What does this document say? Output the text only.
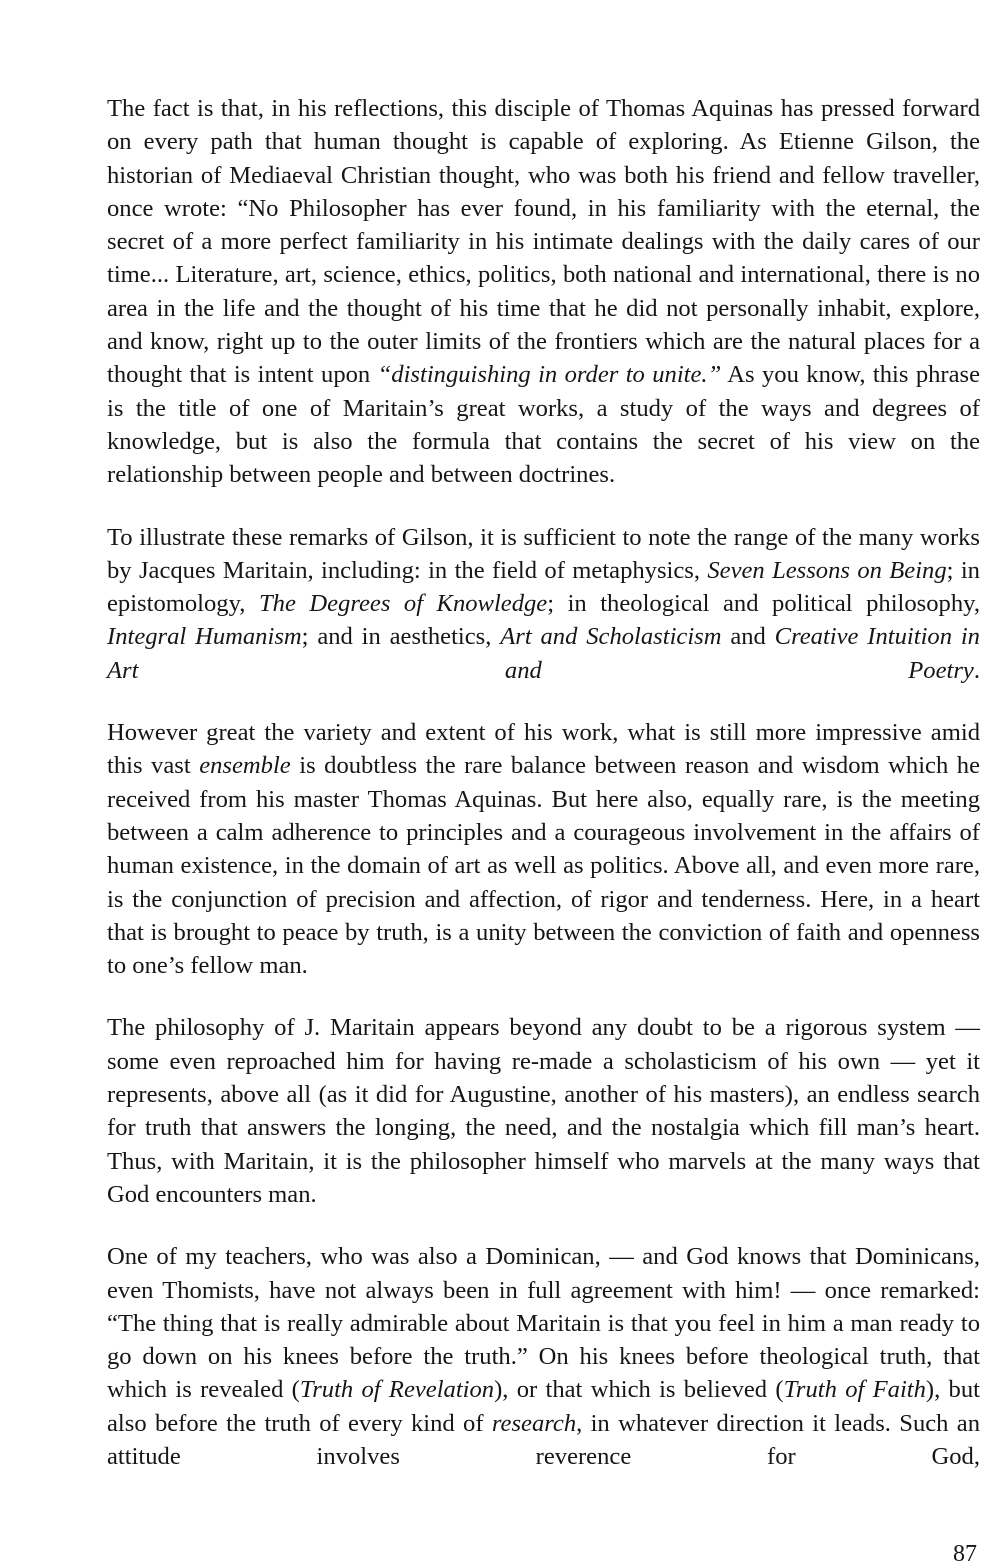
The fact is that, in his reflections, this disciple of Thomas Aquinas has pressed forward on every path that human thought is capable of exploring. As Etienne Gilson, the historian of Mediaeval Christian thought, who was both his friend and fellow traveller, once wrote: “No Philosopher has ever found, in his familiarity with the eternal, the secret of a more perfect familiarity in his intimate dealings with the daily cares of our time... Literature, art, science, ethics, politics, both national and international, there is no area in the life and the thought of his time that he did not personally inhabit, explore, and know, right up to the outer limits of the frontiers which are the natural places for a thought that is intent upon “distinguishing in order to unite.” As you know, this phrase is the title of one of Maritain’s great works, a study of the ways and degrees of knowledge, but is also the formula that contains the secret of his view on the relationship between people and between doctrines.

To illustrate these remarks of Gilson, it is sufficient to note the range of the many works by Jacques Maritain, including: in the field of metaphysics, Seven Lessons on Being; in epistomology, The Degrees of Knowledge; in theological and political philosophy, Integral Humanism; and in aesthetics, Art and Scholasticism and Creative Intuition in Art and Poetry.

However great the variety and extent of his work, what is still more impressive amid this vast ensemble is doubtless the rare balance between reason and wisdom which he received from his master Thomas Aquinas. But here also, equally rare, is the meeting between a calm adherence to principles and a courageous involvement in the affairs of human existence, in the domain of art as well as politics. Above all, and even more rare, is the conjunction of precision and affection, of rigor and tenderness. Here, in a heart that is brought to peace by truth, is a unity between the conviction of faith and openness to one’s fellow man.

The philosophy of J. Maritain appears beyond any doubt to be a rigorous system — some even reproached him for having re-made a scholasticism of his own — yet it represents, above all (as it did for Augustine, another of his masters), an endless search for truth that answers the longing, the need, and the nostalgia which fill man’s heart. Thus, with Maritain, it is the philosopher himself who marvels at the many ways that God encounters man.

One of my teachers, who was also a Dominican, — and God knows that Dominicans, even Thomists, have not always been in full agreement with him! — once remarked: “The thing that is really admirable about Maritain is that you feel in him a man ready to go down on his knees before the truth.” On his knees before theological truth, that which is revealed (Truth of Revelation), or that which is believed (Truth of Faith), but also before the truth of every kind of research, in whatever direction it leads. Such an attitude involves reverence for God,

87
